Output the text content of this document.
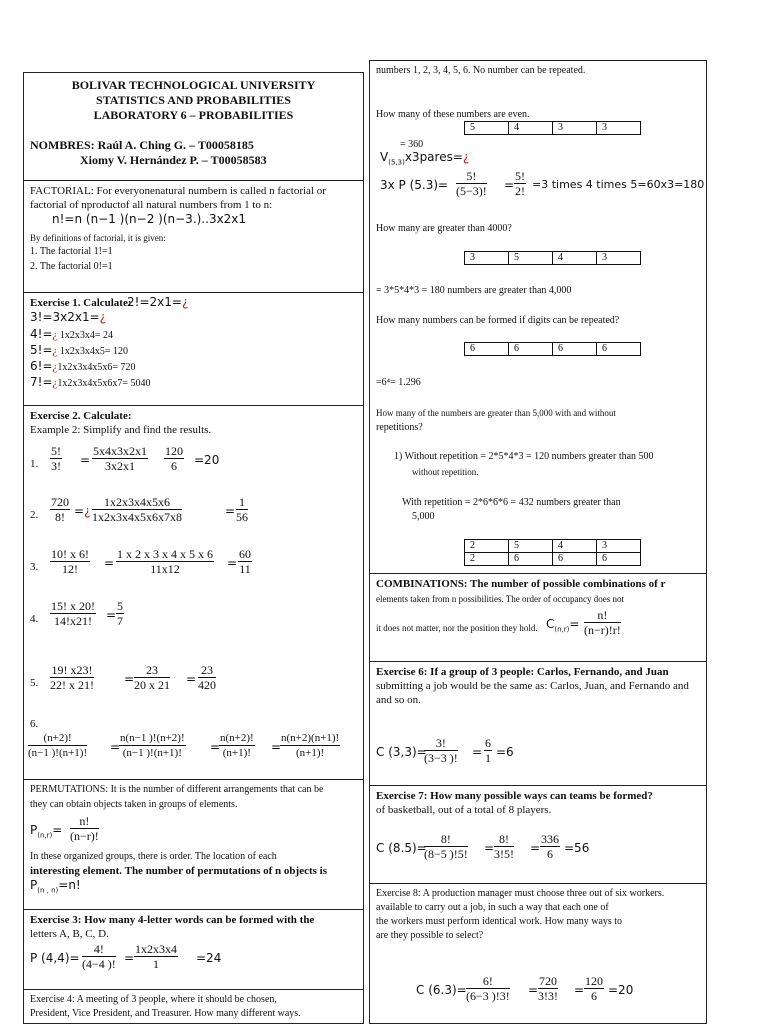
BOLIVAR TECHNOLOGICAL UNIVERSITY
STATISTICS AND PROBABILITIES
LABORATORY 6 – PROBABILITIES
NOMBRES: Raúl A. Ching G. – T00058185
Xiomy V. Hernández P. – T00058583
FACTORIAL: For everyonenatural numbern is called n factorial or
factorial of nproductof all natural numbers from 1 to n:
n!=n (n−1 )(n−2 )(n−3.)..3x2x1
By definitions of factorial, it is given:
1. The factorial 1!=1
2. The factorial 0!=1
Exercise 1. Calculate:
2!=2x1=¿
3!=3x2x1=¿
4!=¿ 1x2x3x4= 24
5!=¿ 1x2x3x4x5= 120
6!=¿1x2x3x4x5x6= 720
7!=¿1x2x3x4x5x6x7= 5040
Exercise 2. Calculate:
Example 2: Simplify and find the results.
1. $\frac{5!}{3!} = \frac{5x4x3x2x1}{3x2x1} \frac{120}{6} =20$
2. $\frac{720}{8!}$ =¿ $\frac{1x2x3x4x5x6}{1x2x3x4x5x6x7x8}$	= $\frac{1}{56}$
3. $\frac{10! x 6!}{12!} = \frac{1 x 2 x 3 x 4 x 5 x 6}{11x12} = \frac{60}{11}$
4. $\frac{15! x 20!}{14!x21!} = \frac{5}{7}$
5. $\frac{19! x23!}{22! x 21!}$	= $\frac{23}{20 x 21} = \frac{23}{420}$
6.
$\frac{(n+2)!}{(n-1 )!(n+1)!}$ =
$\frac{n(n-1 )!(n+2)!}{(n-1 )!(n+1)!}$ =
$\frac{n(n+2)!}{(n+1)!}$ =
$\frac{n(n+2)(n+1)!}{(n+1)!}$
PERMUTATIONS: It is the number of different arrangements that can be
they can obtain objects taken in groups of elements.
$P_{(n,r)}= \frac{n!}{(n-r)!}$
In these organized groups, there is order. The location of each
interesting element. The number of permutations of n objects is
$P_{(n , n)}=n$!
Exercise 3: How many 4-letter words can be formed with the
letters A, B, C, D.
P $(4,4)= \frac{4!}{(4-4 )!} = \frac{1x2x3x4}{1} =24$
Exercise 4: A meeting of 3 people, where it should be chosen,
President, Vice President, and Treasurer. How many different ways.
numbers 1, 2, 3, 4, 5, 6. No number can be repeated.
How many of these numbers are even.
5	4	3	3
= 360
$V_{(5,3)}x3pares=¿$
3x P $(5.3)= \frac{5!}{(5-3)!} = \frac{5!}{2!} =3$ times 4 times 5=60x3=180
How many are greater than 4000?
3	5	4	3
= 3*5*4*3 = 180 numbers are greater than 4,000
How many numbers can be formed if digits can be repeated?
6	6	6	6
=6⁴= 1.296
How many of the numbers are greater than 5,000 with and without
repetitions?
1) Without repetition = 2*5*4*3 = 120 numbers greater than 500
without repetition.
With repetition = 2*6*6*6 = 432 numbers greater than
5,000
2	5	4	3
2	6	6	6
COMBINATIONS: The number of possible combinations of r
elements taken from n possibilities. The order of occupancy does not
it does not matter, nor the position they hold. $C_{(n,r)}= \frac{n!}{(n-r)!r!}$
Exercise 6: If a group of 3 people: Carlos, Fernando, and Juan
submitting a job would be the same as: Carlos, Juan, and Fernando and
and so on.
C (3,3)=
$\frac{3!}{(3-3 )!} = \frac{6}{1} =6$
Exercise 7: How many possible ways can teams be formed?
of basketball, out of a total of 8 players.
C (8.5)=
$\frac{8!}{(8-5 )!5!} = \frac{8!}{3!5!} = \frac{336}{6} =56$
Exercise 8: A production manager must choose three out of six workers.
available to carry out a job, in such a way that each one of
the workers must perform identical work. How many ways to
are they possible to select?
C $(6.3)= \frac{6!}{(6-3 )!3!} = \frac{720}{3!3!} = \frac{120}{6} =20$
